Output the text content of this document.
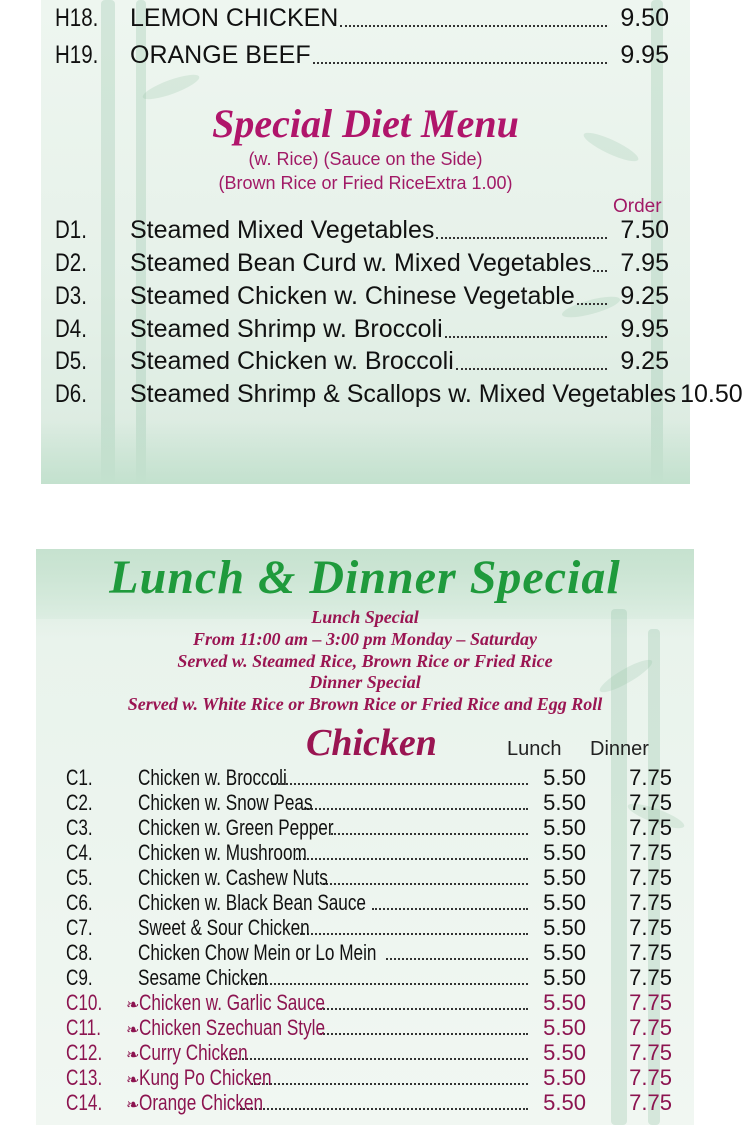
H18.	LEMON CHICKEN	9.50
H19.	ORANGE BEEF	9.95
Special Diet Menu
(w. Rice) (Sauce on the Side)
(Brown Rice or Fried RiceExtra 1.00)
Order
D1.	Steamed Mixed Vegetables	7.50
D2.	Steamed Bean Curd w. Mixed Vegetables	7.95
D3.	Steamed Chicken w. Chinese Vegetable	9.25
D4.	Steamed Shrimp w. Broccoli	9.95
D5.	Steamed Chicken w. Broccoli	9.25
D6.	Steamed Shrimp & Scallops w. Mixed Vegetables 10.50
Lunch & Dinner Special
Lunch Special
From 11:00 am – 3:00 pm Monday – Saturday
Served w. Steamed Rice, Brown Rice or Fried Rice
Dinner Special
Served w. White Rice or Brown Rice or Fried Rice and Egg Roll
Chicken	Lunch Dinner
C1.	Chicken w. Broccoli	5.50	7.75
C2.	Chicken w. Snow Peas	5.50	7.75
C3.	Chicken w. Green Pepper	5.50	7.75
C4.	Chicken w. Mushroom	5.50	7.75
C5.	Chicken w. Cashew Nuts	5.50	7.75
C6.	Chicken w. Black Bean Sauce	5.50	7.75
C7.	Sweet & Sour Chicken	5.50	7.75
C8.	Chicken Chow Mein or Lo Mein	5.50	7.75
C9.	Sesame Chicken	5.50	7.75
C10.	❧ Chicken w. Garlic Sauce	5.50	7.75
C11.	❧ Chicken Szechuan Style	5.50	7.75
C12.	❧ Curry Chicken	5.50	7.75
C13.	❧ Kung Po Chicken	5.50	7.75
C14.	❧ Orange Chicken	5.50	7.75
